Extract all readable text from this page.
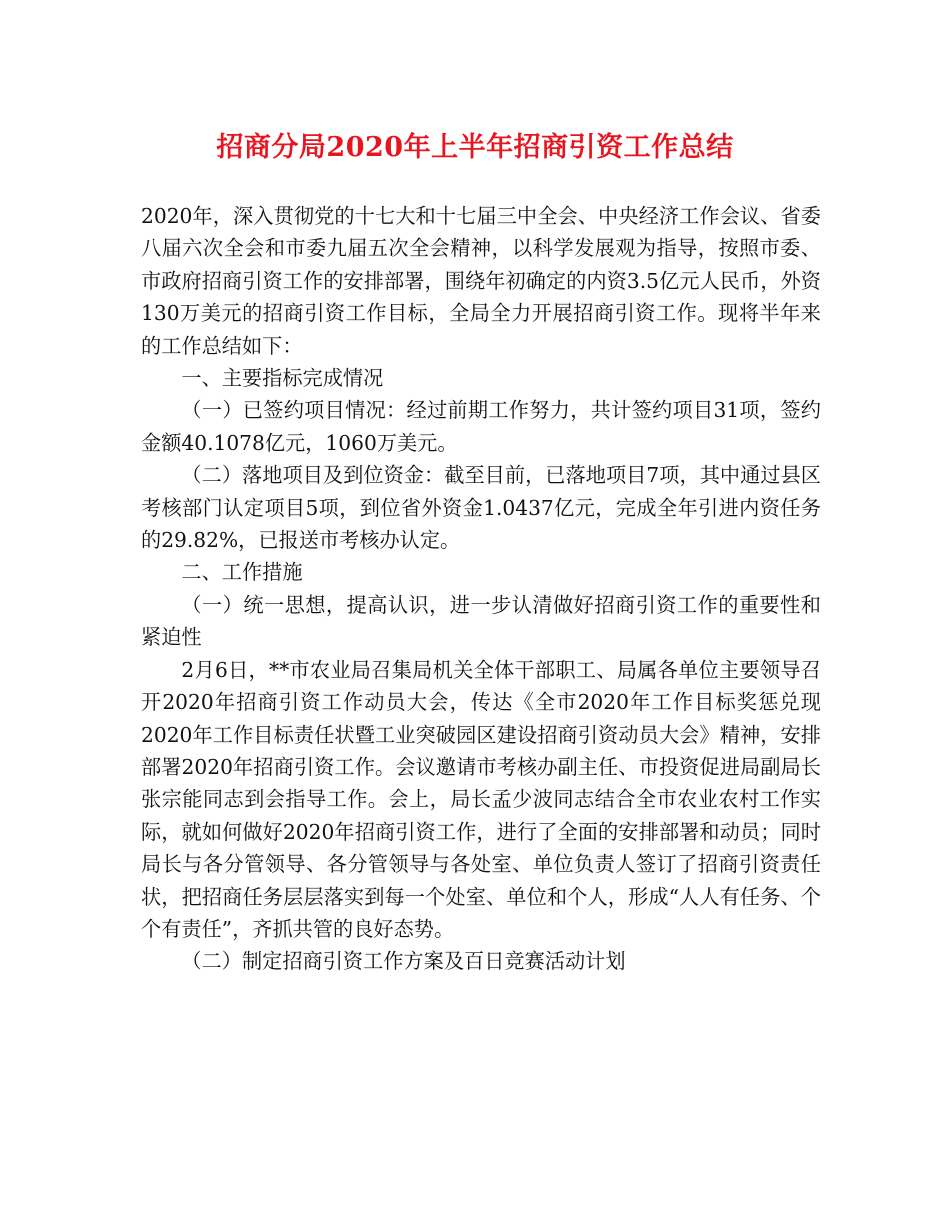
招商分局2020年上半年招商引资工作总结

2020年，深入贯彻党的十七大和十七届三中全会、中央经济工作会议、省委八届六次全会和市委九届五次全会精神，以科学发展观为指导，按照市委、市政府招商引资工作的安排部署，围绕年初确定的内资3.5亿元人民币，外资130万美元的招商引资工作目标，全局全力开展招商引资工作。现将半年来的工作总结如下：

一、主要指标完成情况

（一）已签约项目情况：经过前期工作努力，共计签约项目31项，签约金额40.1078亿元，1060万美元。

（二）落地项目及到位资金：截至目前，已落地项目7项，其中通过县区考核部门认定项目5项，到位省外资金1.0437亿元，完成全年引进内资任务的29.82%，已报送市考核办认定。

二、工作措施

（一）统一思想，提高认识，进一步认清做好招商引资工作的重要性和紧迫性

2月6日，**市农业局召集局机关全体干部职工、局属各单位主要领导召开2020年招商引资工作动员大会，传达《全市2020年工作目标奖惩兑现2020年工作目标责任状暨工业突破园区建设招商引资动员大会》精神，安排部署2020年招商引资工作。会议邀请市考核办副主任、市投资促进局副局长张宗能同志到会指导工作。会上，局长孟少波同志结合全市农业农村工作实际，就如何做好2020年招商引资工作，进行了全面的安排部署和动员；同时局长与各分管领导、各分管领导与各处室、单位负责人签订了招商引资责任状，把招商任务层层落实到每一个处室、单位和个人，形成“人人有任务、个个有责任”，齐抓共管的良好态势。

（二）制定招商引资工作方案及百日竞赛活动计划
